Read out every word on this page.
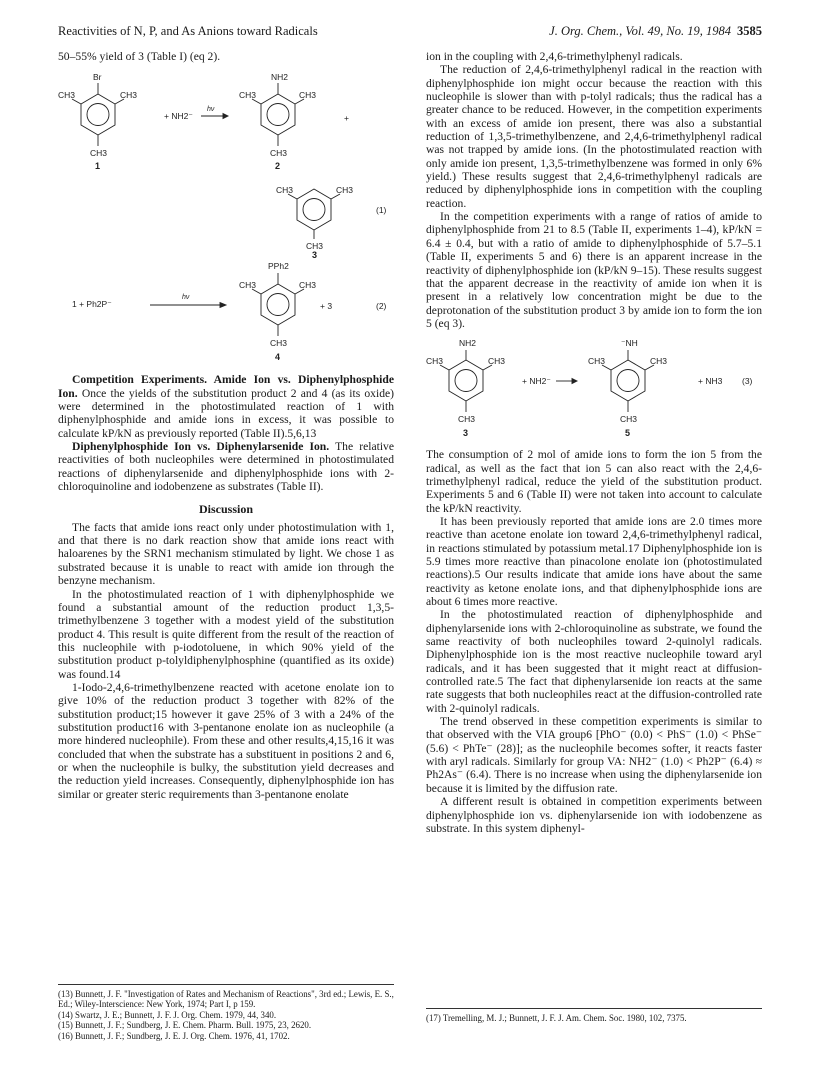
Reactivities of N, P, and As Anions toward Radicals	J. Org. Chem., Vol. 49, No. 19, 1984 3585

50–55% yield of 3 (Table I) (eq 2).

Br
CH3	CH3
CH3
1
+ NH2⁻
hν
NH2
CH3	CH3
CH3
2
+
CH3	CH3
CH3
(1)
3
1 + Ph2P⁻
hν
PPh2
CH3	CH3
CH3
4
+ 3	(2)

Competition Experiments. Amide Ion vs. Diphenylphosphide Ion. Once the yields of the substitution product 2 and 4 (as its oxide) were determined in the photostimulated reaction of 1 with diphenylphosphide and amide ions in excess, it was possible to calculate kP/kN as previously reported (Table II).5,6,13

Diphenylphosphide Ion vs. Diphenylarsenide Ion. The relative reactivities of both nucleophiles were determined in photostimulated reactions of diphenylarsenide and diphenylphosphide ions with 2-chloroquinoline and iodobenzene as substrates (Table II).

Discussion

The facts that amide ions react only under photostimulation with 1, and that there is no dark reaction show that amide ions react with haloarenes by the SRN1 mechanism stimulated by light. We chose 1 as substrated because it is unable to react with amide ion through the benzyne mechanism.

In the photostimulated reaction of 1 with diphenylphosphide we found a substantial amount of the reduction product 1,3,5-trimethylbenzene 3 together with a modest yield of the substitution product 4. This result is quite different from the result of the reaction of this nucleophile with p-iodotoluene, in which 90% yield of the substitution product p-tolyldiphenylphosphine (quantified as its oxide) was found.14

1-Iodo-2,4,6-trimethylbenzene reacted with acetone enolate ion to give 10% of the reduction product 3 together with 82% of the substitution product;15 however it gave 25% of 3 with a 24% of the substitution product16 with 3-pentanone enolate ion as nucleophile (a more hindered nucleophile). From these and other results,4,15,16 it was concluded that when the substrate has a substituent in positions 2 and 6, or when the nucleophile is bulky, the substitution yield decreases and the reduction yield increases. Consequently, diphenylphosphide ion has similar or greater steric requirements than 3-pentanone enolate

(13) Bunnett, J. F. "Investigation of Rates and Mechanism of Reactions", 3rd ed.; Lewis, E. S., Ed.; Wiley-Interscience: New York, 1974; Part I, p 159.
(14) Swartz, J. E.; Bunnett, J. F. J. Org. Chem. 1979, 44, 340.
(15) Bunnett, J. F.; Sundberg, J. E. Chem. Pharm. Bull. 1975, 23, 2620.
(16) Bunnett, J. F.; Sundberg, J. E. J. Org. Chem. 1976, 41, 1702.

ion in the coupling with 2,4,6-trimethylphenyl radicals.

The reduction of 2,4,6-trimethylphenyl radical in the reaction with diphenylphosphide ion might occur because the reaction with this nucleophile is slower than with p-tolyl radicals; thus the radical has a greater chance to be reduced. However, in the competition experiments with an excess of amide ion present, there was also a substantial reduction of 1,3,5-trimethylbenzene, and 2,4,6-trimethylphenyl radical was not trapped by amide ions. (In the photostimulated reaction with only amide ion present, 1,3,5-trimethylbenzene was formed in only 6% yield.) These results suggest that 2,4,6-trimethylphenyl radicals are reduced by diphenylphosphide ions in competition with the coupling reaction.

In the competition experiments with a range of ratios of amide to diphenylphosphide from 21 to 8.5 (Table II, experiments 1–4), kP/kN = 6.4 ± 0.4, but with a ratio of amide to diphenylphosphide of 5.7–5.1 (Table II, experiments 5 and 6) there is an apparent increase in the reactivity of diphenylphosphide ion (kP/kN 9–15). These results suggest that the apparent decrease in the reactivity of amide ion when it is present in a relatively low concentration might be due to the deprotonation of the substitution product 3 by amide ion to form the ion 5 (eq 3).

NH2
CH3	CH3
CH3
3
+ NH2⁻
⁻NH
CH3	CH3
CH3
5
+ NH3 (3)

The consumption of 2 mol of amide ions to form the ion 5 from the radical, as well as the fact that ion 5 can also react with the 2,4,6-trimethylphenyl radical, reduce the yield of the substitution product. Experiments 5 and 6 (Table II) were not taken into account to calculate the kP/kN reactivity.

It has been previously reported that amide ions are 2.0 times more reactive than acetone enolate ion toward 2,4,6-trimethylphenyl radical, in reactions stimulated by potassium metal.17 Diphenylphosphide ion is 5.9 times more reactive than pinacolone enolate ion (photostimulated reactions).5 Our results indicate that amide ions have about the same reactivity as ketone enolate ions, and that diphenylphosphide ions are about 6 times more reactive.

In the photostimulated reaction of diphenylphosphide and diphenylarsenide ions with 2-chloroquinoline as substrate, we found the same reactivity of both nucleophiles toward 2-quinolyl radicals. Diphenylphosphide ion is the most reactive nucleophile toward aryl radicals, and it has been suggested that it might react at diffusion-controlled rate.5 The fact that diphenylarsenide ion reacts at the same rate suggests that both nucleophiles react at the diffusion-controlled rate with 2-quinolyl radicals.

The trend observed in these competition experiments is similar to that observed with the VIA group6 [PhO⁻ (0.0) < PhS⁻ (1.0) < PhSe⁻ (5.6) < PhTe⁻ (28)]; as the nucleophile becomes softer, it reacts faster with aryl radicals. Similarly for group VA: NH2⁻ (1.0) < Ph2P⁻ (6.4) ≈ Ph2As⁻ (6.4). There is no increase when using the diphenylarsenide ion because it is limited by the diffusion rate.

A different result is obtained in competition experiments between diphenylphosphide ion vs. diphenylarsenide ion with iodobenzene as substrate. In this system diphenyl-

(17) Tremelling, M. J.; Bunnett, J. F. J. Am. Chem. Soc. 1980, 102, 7375.
